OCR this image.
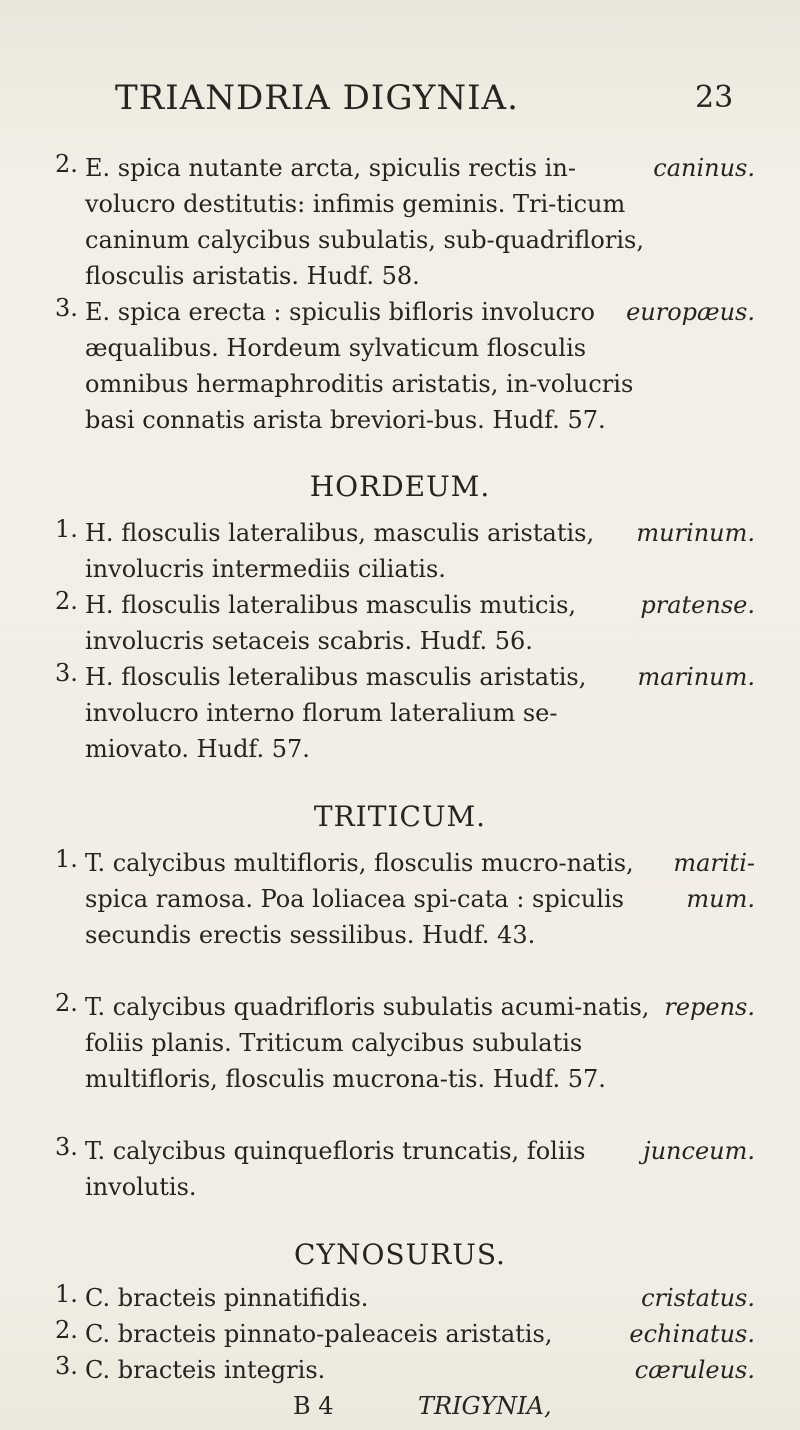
TRIANDRIA DIGYNIA.	23
2. E. spica nutante arcta, spiculis rectis in-volucro destitutis: infimis geminis. Tri-ticum caninum calycibus subulatis, sub-quadrifloris, flosculis aristatis. Hudf. 58.
caninus.
3. E. spica erecta : spiculis bifloris involucro æqualibus. Hordeum sylvaticum flosculis omnibus hermaphroditis aristatis, in-volucris basi connatis arista breviori-bus. Hudf. 57.
europæus.
HORDEUM.
1. H. flosculis lateralibus, masculis aristatis, involucris intermediis ciliatis.
murinum.
2. H. flosculis lateralibus masculis muticis, involucris setaceis scabris. Hudf. 56.
pratense.
3. H. flosculis leteralibus masculis aristatis, involucro interno florum lateralium se-miovato. Hudf. 57.
marinum.
TRITICUM.
1. T. calycibus multifloris, flosculis mucro-natis, spica ramosa. Poa loliacea spi-cata : spiculis secundis erectis sessilibus. Hudf. 43.
mariti-mum.
2. T. calycibus quadrifloris subulatis acumi-natis, foliis planis. Triticum calycibus subulatis multifloris, flosculis mucrona-tis. Hudf. 57.
repens.
3. T. calycibus quinquefloris truncatis, foliis involutis.
junceum.
CYNOSURUS.
1. C. bracteis pinnatifidis.	cristatus.
2. C. bracteis pinnato-paleaceis aristatis,	echinatus.
3. C. bracteis integris.	cæruleus.
B 4	TRIGYNIA,
